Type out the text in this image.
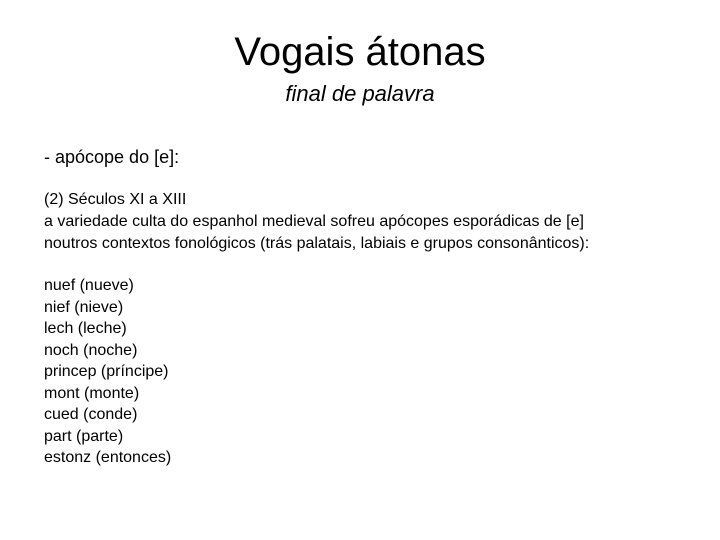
Vogais átonas

final de palavra

- apócope do [e]:

(2) Séculos XI a XIII
a variedade culta do espanhol medieval sofreu apócopes esporádicas de [e]
noutros contextos fonológicos (trás palatais, labiais e grupos consonânticos):

nuef (nueve)
nief (nieve)
lech (leche)
noch (noche)
princep (príncipe)
mont (monte)
cued (conde)
part (parte)
estonz (entonces)
